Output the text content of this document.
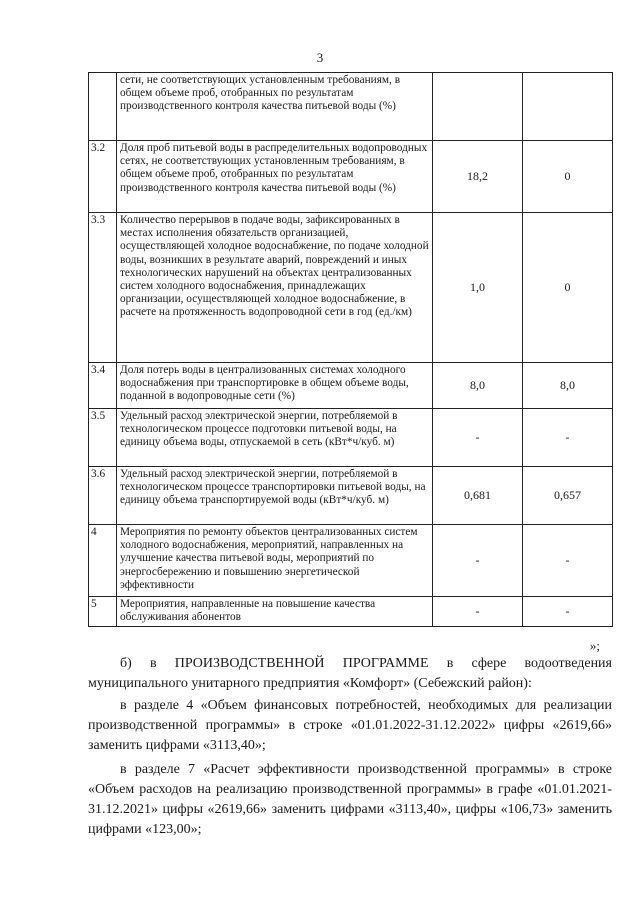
3
	сети, не соответствующих установленным требованиям, в общем объеме проб, отобранных по результатам производственного контроля качества питьевой воды (%)		
3.2	Доля проб питьевой воды в распределительных водопроводных сетях, не соответствующих установленным требованиям, в общем объеме проб, отобранных по результатам производственного контроля качества питьевой воды (%)	18,2	0
3.3	Количество перерывов в подаче воды, зафиксированных в местах исполнения обязательств организацией, осуществляющей холодное водоснабжение, по подаче холодной воды, возникших в результате аварий, повреждений и иных технологических нарушений на объектах централизованных систем холодного водоснабжения, принадлежащих организации, осуществляющей холодное водоснабжение, в расчете на протяженность водопроводной сети в год (ед./км)	1,0	0
3.4	Доля потерь воды в централизованных системах холодного водоснабжения при транспортировке в общем объеме воды, поданной в водопроводные сети (%)	8,0	8,0
3.5	Удельный расход электрической энергии, потребляемой в технологическом процессе подготовки питьевой воды, на единицу объема воды, отпускаемой в сеть (кВт*ч/куб. м)	-	-
3.6	Удельный расход электрической энергии, потребляемой в технологическом процессе транспортировки питьевой воды, на единицу объема транспортируемой воды (кВт*ч/куб. м)	0,681	0,657
4	Мероприятия по ремонту объектов централизованных систем холодного водоснабжения, мероприятий, направленных на улучшение качества питьевой воды, мероприятий по энергосбережению и повышению энергетической эффективности	-	-
5	Мероприятия, направленные на повышение качества обслуживания абонентов	-	-
»;
б) в ПРОИЗВОДСТВЕННОЙ ПРОГРАММЕ в сфере водоотведения муниципального унитарного предприятия «Комфорт» (Себежский район):
в разделе 4 «Объем финансовых потребностей, необходимых для реализации производственной программы» в строке «01.01.2022-31.12.2022» цифры «2619,66» заменить цифрами «3113,40»;
в разделе 7 «Расчет эффективности производственной программы» в строке «Объем расходов на реализацию производственной программы» в графе «01.01.2021-31.12.2021» цифры «2619,66» заменить цифрами «3113,40», цифры «106,73» заменить цифрами «123,00»;
